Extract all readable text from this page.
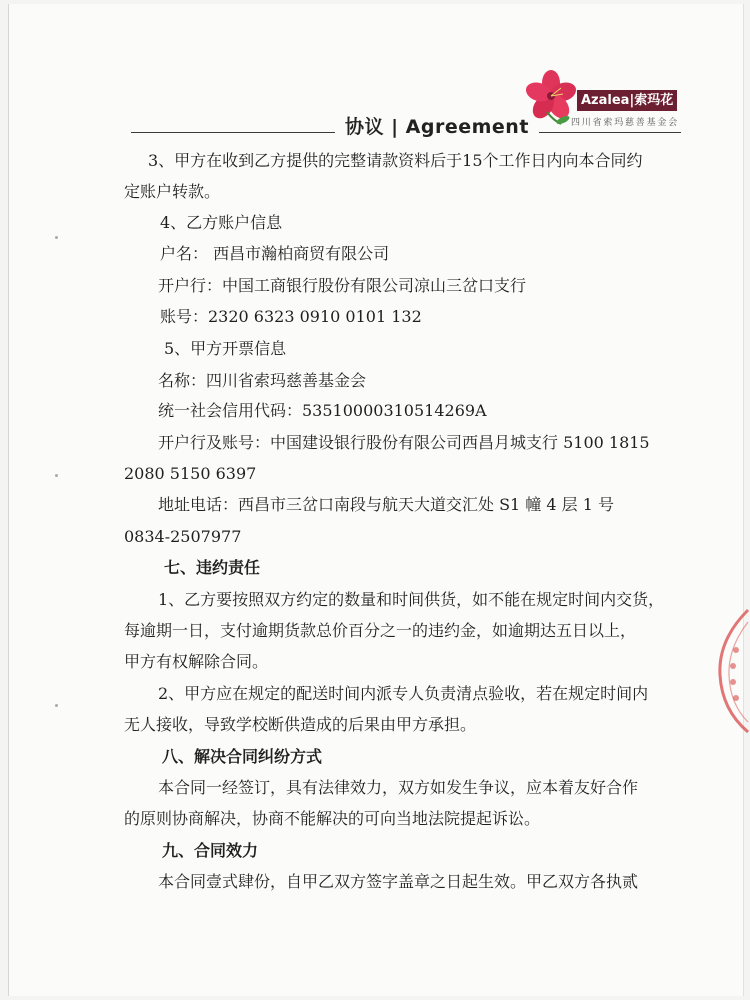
协议 | Agreement
Azalea|索玛花
四川省索玛慈善基金会
3、甲方在收到乙方提供的完整请款资料后于15个工作日内向本合同约
定账户转款。
4、乙方账户信息
户名： 西昌市瀚柏商贸有限公司
开户行：中国工商银行股份有限公司凉山三岔口支行
账号：2320 6323 0910 0101 132
5、甲方开票信息
名称：四川省索玛慈善基金会
统一社会信用代码：53510000310514269A
开户行及账号：中国建设银行股份有限公司西昌月城支行 5100 1815
2080 5150 6397
地址电话：西昌市三岔口南段与航天大道交汇处 S1 幢 4 层 1 号
0834-2507977
七、违约责任
1、乙方要按照双方约定的数量和时间供货，如不能在规定时间内交货，
每逾期一日，支付逾期货款总价百分之一的违约金，如逾期达五日以上，
甲方有权解除合同。
2、甲方应在规定的配送时间内派专人负责清点验收，若在规定时间内
无人接收，导致学校断供造成的后果由甲方承担。
八、解决合同纠纷方式
本合同一经签订，具有法律效力，双方如发生争议，应本着友好合作
的原则协商解决，协商不能解决的可向当地法院提起诉讼。
九、合同效力
本合同壹式肆份，自甲乙双方签字盖章之日起生效。甲乙双方各执贰
